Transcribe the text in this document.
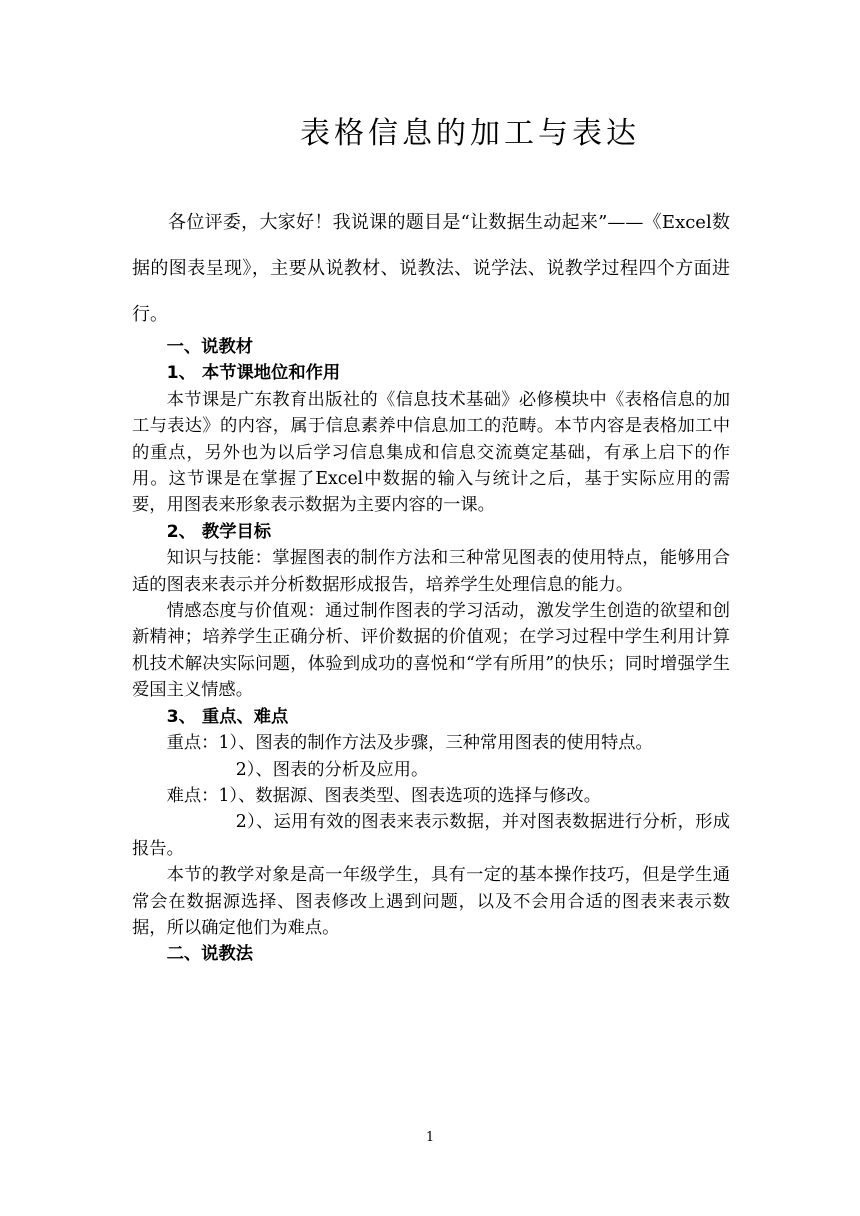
表格信息的加工与表达

各位评委，大家好！我说课的题目是“让数据生动起来”——《Excel数据的图表呈现》，主要从说教材、说教法、说学法、说教学过程四个方面进行。

一、说教材

1、 本节课地位和作用

本节课是广东教育出版社的《信息技术基础》必修模块中《表格信息的加工与表达》的内容，属于信息素养中信息加工的范畴。本节内容是表格加工中的重点，另外也为以后学习信息集成和信息交流奠定基础，有承上启下的作用。这节课是在掌握了Excel中数据的输入与统计之后，基于实际应用的需要，用图表来形象表示数据为主要内容的一课。

2、 教学目标

知识与技能：掌握图表的制作方法和三种常见图表的使用特点，能够用合适的图表来表示并分析数据形成报告，培养学生处理信息的能力。

情感态度与价值观：通过制作图表的学习活动，激发学生创造的欲望和创新精神；培养学生正确分析、评价数据的价值观；在学习过程中学生利用计算机技术解决实际问题，体验到成功的喜悦和“学有所用”的快乐；同时增强学生爱国主义情感。

3、 重点、难点

重点：1）、图表的制作方法及步骤，三种常用图表的使用特点。

2）、图表的分析及应用。

难点：1）、数据源、图表类型、图表选项的选择与修改。

2）、运用有效的图表来表示数据，并对图表数据进行分析，形成报告。

本节的教学对象是高一年级学生，具有一定的基本操作技巧，但是学生通常会在数据源选择、图表修改上遇到问题，以及不会用合适的图表来表示数据，所以确定他们为难点。

二、说教法

1
